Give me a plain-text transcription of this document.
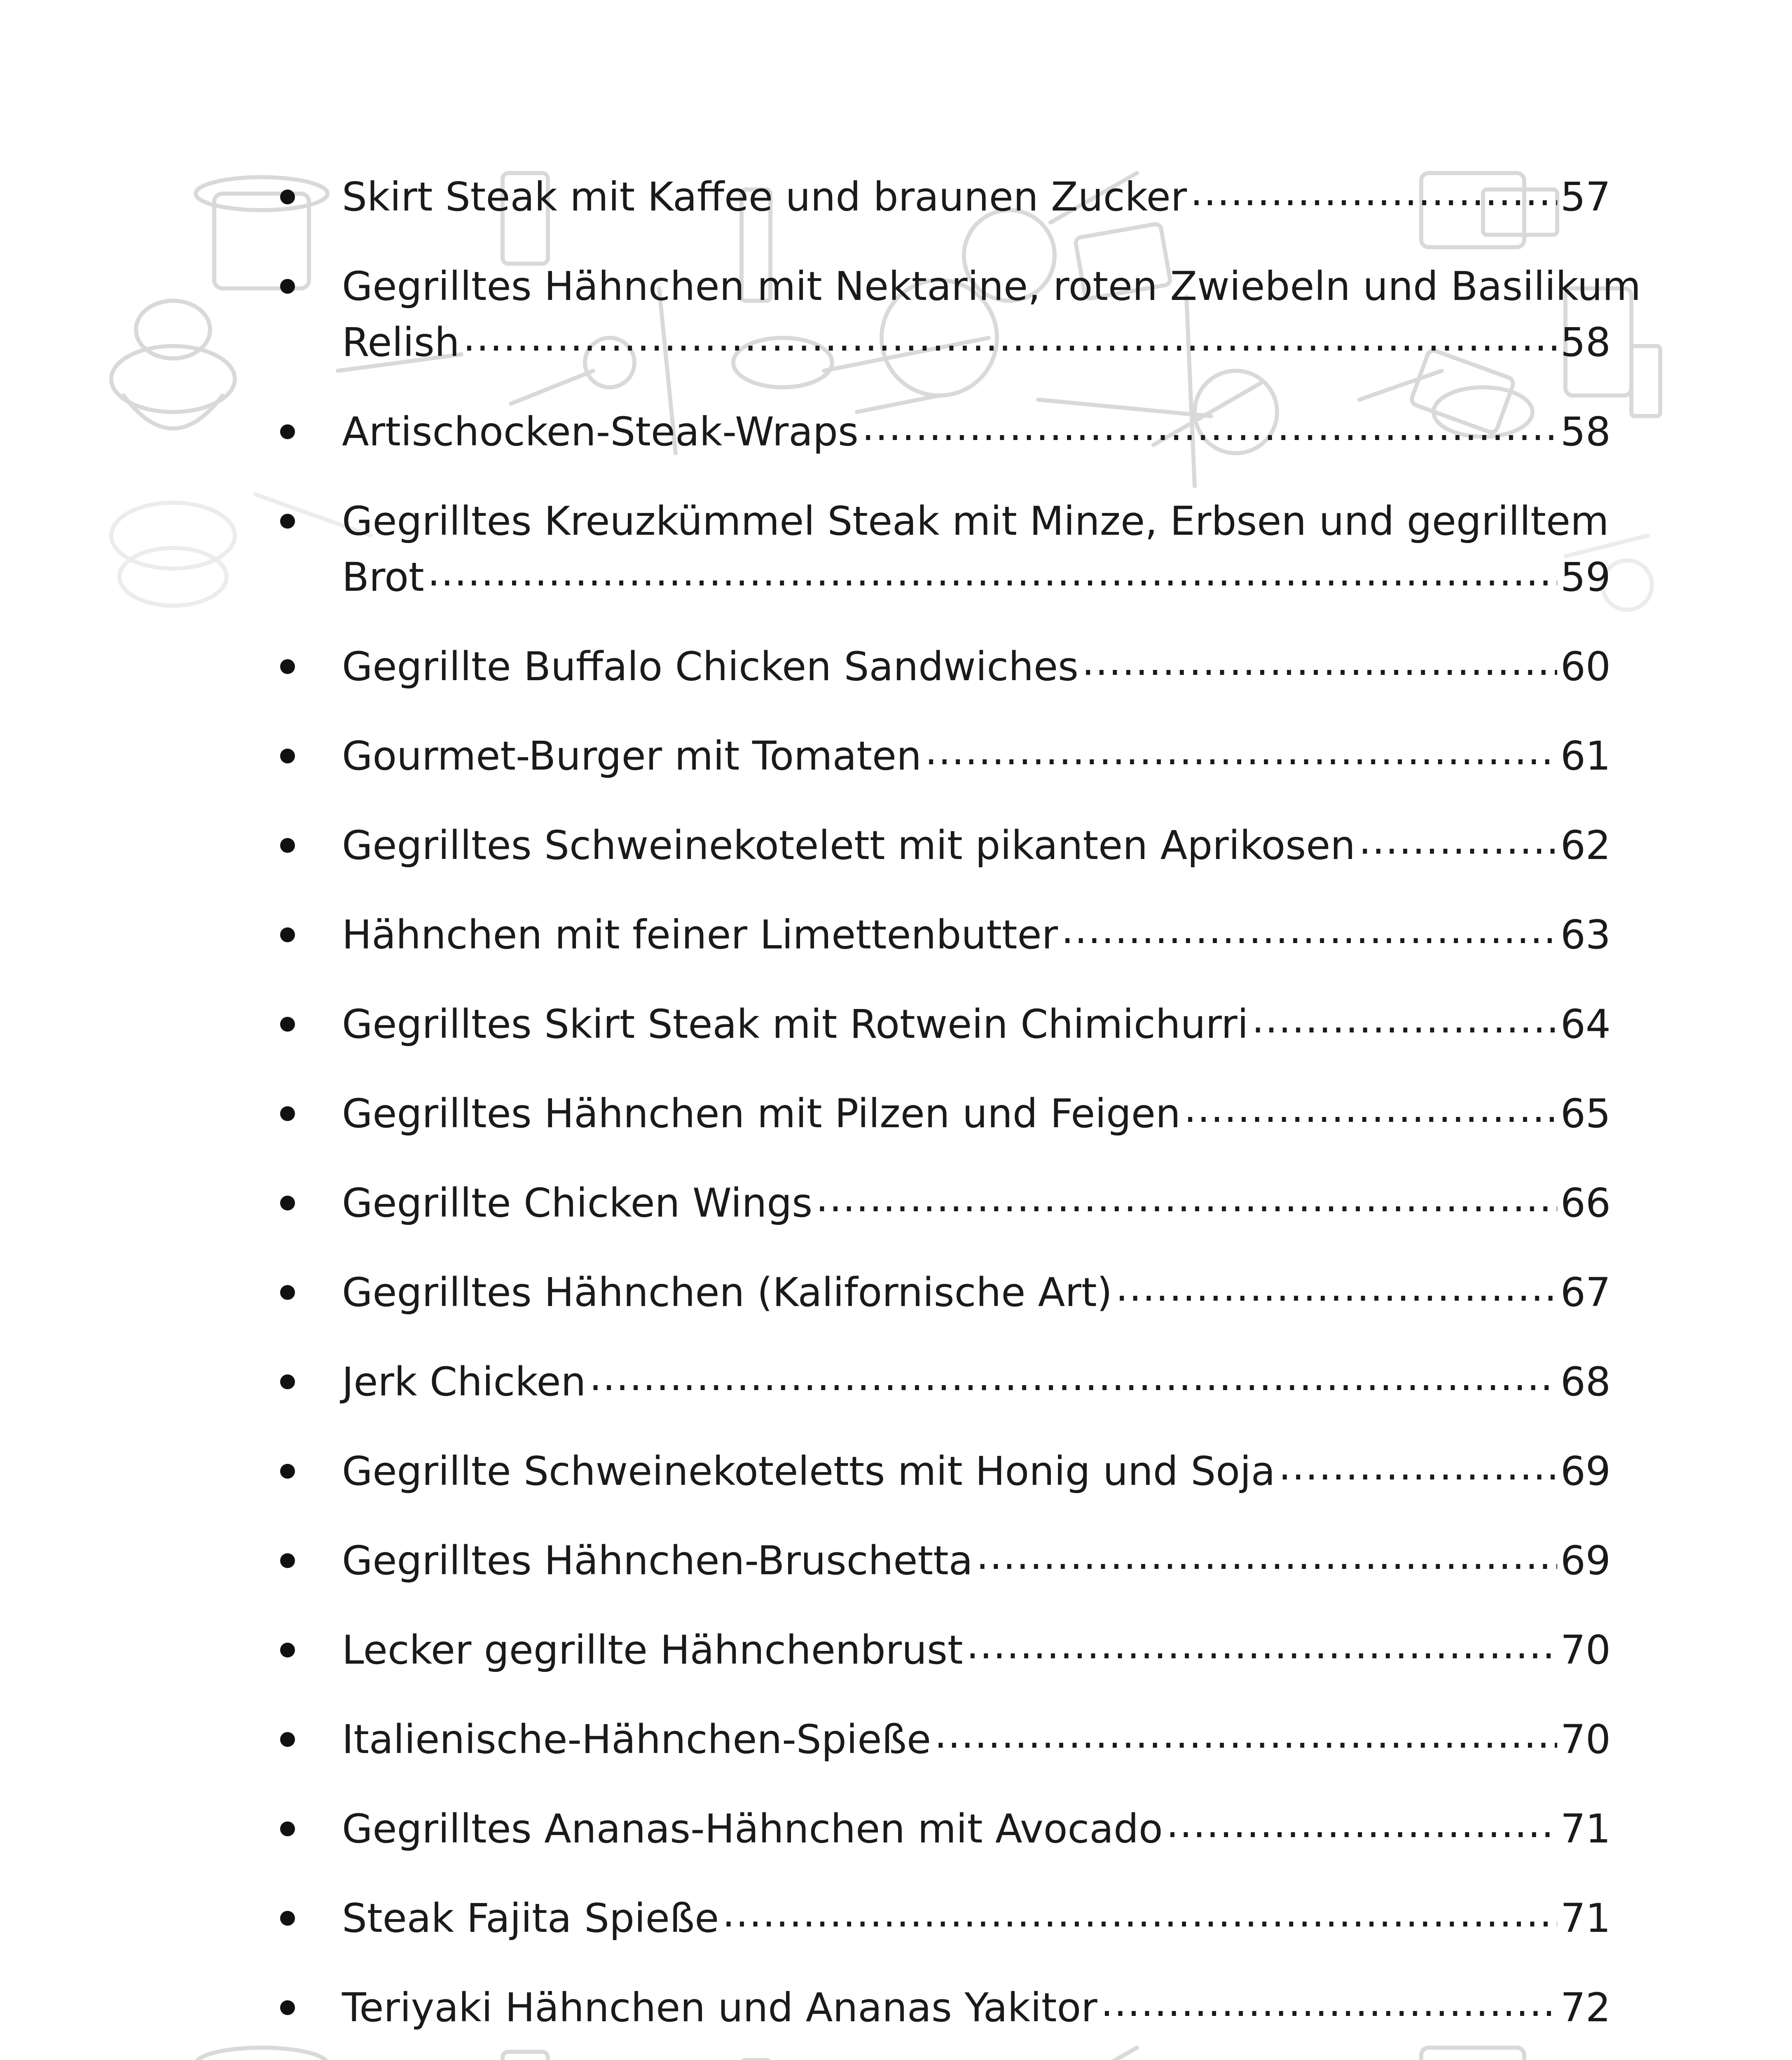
Skirt Steak mit Kaffee und braunen Zucker .....	57
Gegrilltes Hähnchen mit Nektarine, roten Zwiebeln und Basilikum
Relish .....	58
Artischocken-Steak-Wraps .....	58
Gegrilltes Kreuzkümmel Steak mit Minze, Erbsen und gegrilltem
Brot .....	59
Gegrillte Buffalo Chicken Sandwiches .....	60
Gourmet-Burger mit Tomaten .....	61
Gegrilltes Schweinekotelett mit pikanten Aprikosen .....	62
Hähnchen mit feiner Limettenbutter .....	63
Gegrilltes Skirt Steak mit Rotwein Chimichurri .....	64
Gegrilltes Hähnchen mit Pilzen und Feigen .....	65
Gegrillte Chicken Wings .....	66
Gegrilltes Hähnchen (Kalifornische Art) .....	67
Jerk Chicken .....	68
Gegrillte Schweinekoteletts mit Honig und Soja .....	69
Gegrilltes Hähnchen-Bruschetta .....	69
Lecker gegrillte Hähnchenbrust .....	70
Italienische-Hähnchen-Spieße .....	70
Gegrilltes Ananas-Hähnchen mit Avocado .....	71
Steak Fajita Spieße .....	71
Teriyaki Hähnchen und Ananas Yakitor .....	72
